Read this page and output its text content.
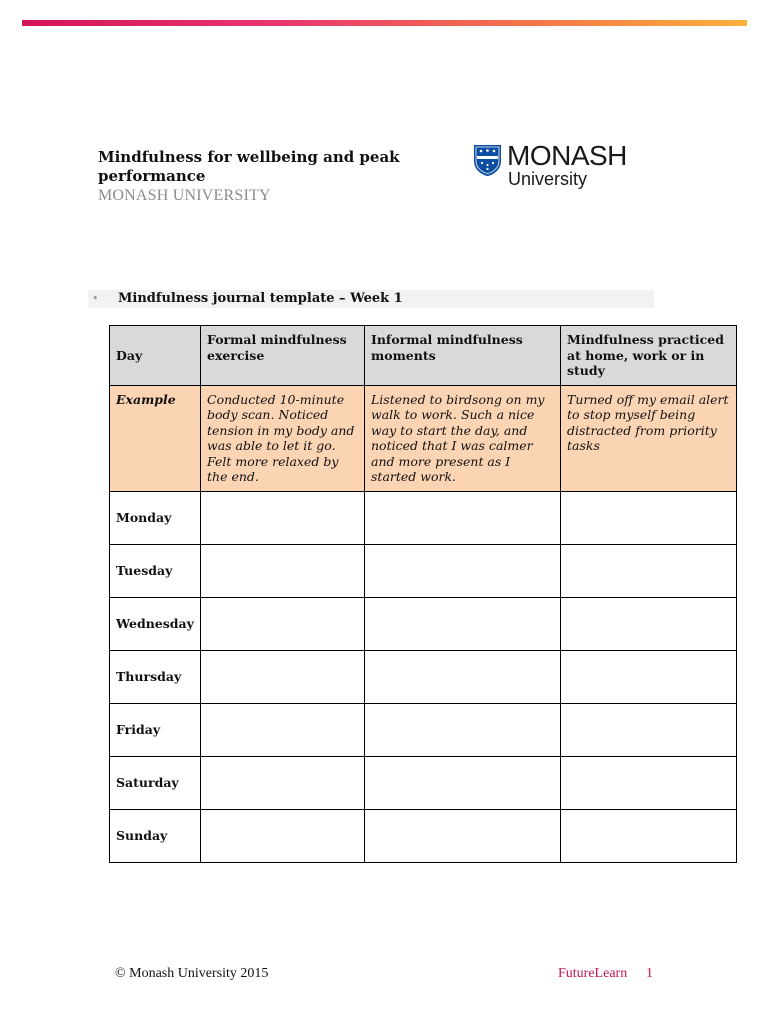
Mindfulness for wellbeing and peak performance
MONASH UNIVERSITY
MONASH
University
• Mindfulness journal template – Week 1
Day	Formal mindfulness exercise	Informal mindfulness moments	Mindfulness practiced at home, work or in study
Example	Conducted 10-minute body scan. Noticed tension in my body and was able to let it go. Felt more relaxed by the end.	Listened to birdsong on my walk to work. Such a nice way to start the day, and noticed that I was calmer and more present as I started work.	Turned off my email alert to stop myself being distracted from priority tasks
Monday			
Tuesday			
Wednesday			
Thursday			
Friday			
Saturday			
Sunday			
© Monash University 2015	FutureLearn 1
